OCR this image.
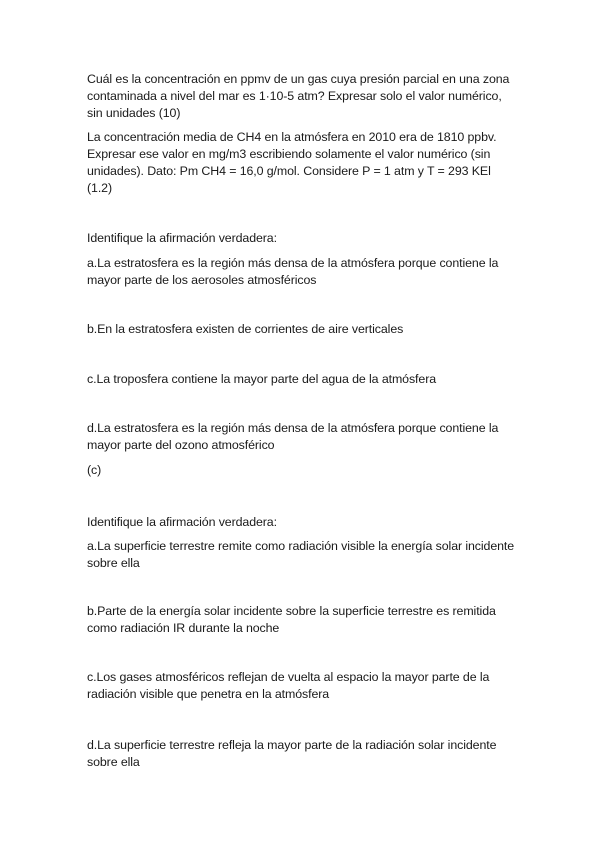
Cuál es la concentración en ppmv de un gas cuya presión parcial en una zona contaminada a nivel del mar es 1·10-5 atm? Expresar solo el valor numérico, sin unidades (10)

La concentración media de CH4 en la atmósfera en 2010 era de 1810 ppbv. Expresar ese valor en mg/m3 escribiendo solamente el valor numérico (sin unidades). Dato: Pm CH4 = 16,0 g/mol. Considere P = 1 atm y T = 293 KEl (1.2)

Identifique la afirmación verdadera:

a.La estratosfera es la región más densa de la atmósfera porque contiene la mayor parte de los aerosoles atmosféricos

b.En la estratosfera existen de corrientes de aire verticales

c.La troposfera contiene la mayor parte del agua de la atmósfera

d.La estratosfera es la región más densa de la atmósfera porque contiene la mayor parte del ozono atmosférico

(c)

Identifique la afirmación verdadera:

a.La superficie terrestre remite como radiación visible la energía solar incidente sobre ella

b.Parte de la energía solar incidente sobre la superficie terrestre es remitida como radiación IR durante la noche

c.Los gases atmosféricos reflejan de vuelta al espacio la mayor parte de la radiación visible que penetra en la atmósfera

d.La superficie terrestre refleja la mayor parte de la radiación solar incidente sobre ella
